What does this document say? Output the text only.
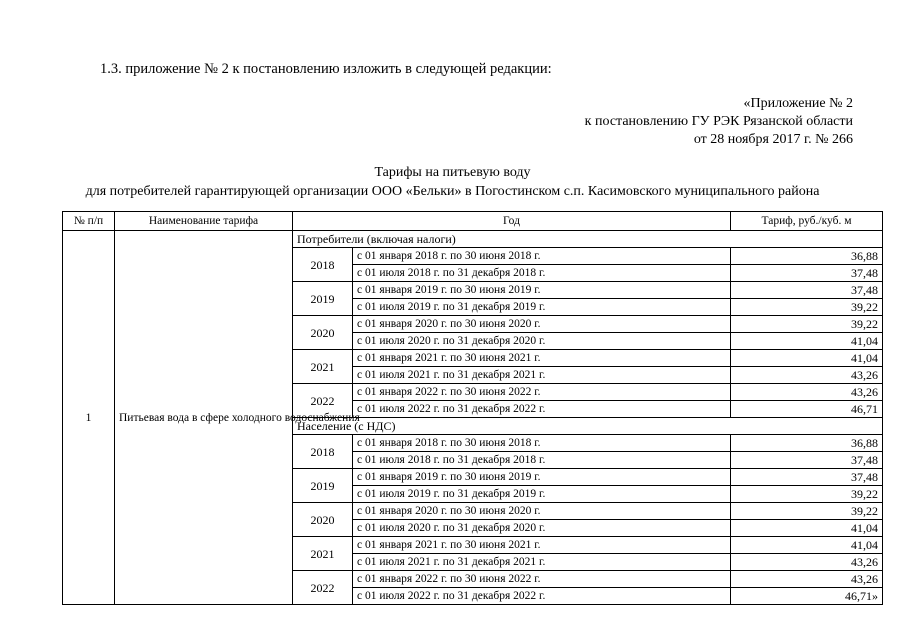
1.3. приложение № 2 к постановлению изложить в следующей редакции:
«Приложение № 2
к постановлению ГУ РЭК Рязанской области
от 28 ноября 2017 г. № 266
Тарифы на питьевую воду
для потребителей гарантирующей организации ООО «Бельки» в Погостинском с.п. Касимовского муниципального района
№ п/п	Наименование тарифа	Год		Тариф, руб./куб. м
1	Питьевая вода в сфере холодного водоснабжения	Потребители (включая налоги)		
		2018	с 01 января 2018 г. по 30 июня 2018 г.	36,88
			с 01 июля 2018 г. по 31 декабря 2018 г.	37,48
		2019	с 01 января 2019 г. по 30 июня 2019 г.	37,48
			с 01 июля 2019 г. по 31 декабря 2019 г.	39,22
		2020	с 01 января 2020 г. по 30 июня 2020 г.	39,22
			с 01 июля 2020 г. по 31 декабря 2020 г.	41,04
		2021	с 01 января 2021 г. по 30 июня 2021 г.	41,04
			с 01 июля 2021 г. по 31 декабря 2021 г.	43,26
		2022	с 01 января 2022 г. по 30 июня 2022 г.	43,26
			с 01 июля 2022 г. по 31 декабря 2022 г.	46,71
		Население (с НДС)		
		2018	с 01 января 2018 г. по 30 июня 2018 г.	36,88
			с 01 июля 2018 г. по 31 декабря 2018 г.	37,48
		2019	с 01 января 2019 г. по 30 июня 2019 г.	37,48
			с 01 июля 2019 г. по 31 декабря 2019 г.	39,22
		2020	с 01 января 2020 г. по 30 июня 2020 г.	39,22
			с 01 июля 2020 г. по 31 декабря 2020 г.	41,04
		2021	с 01 января 2021 г. по 30 июня 2021 г.	41,04
			с 01 июля 2021 г. по 31 декабря 2021 г.	43,26
		2022	с 01 января 2022 г. по 30 июня 2022 г.	43,26
			с 01 июля 2022 г. по 31 декабря 2022 г.	46,71»
